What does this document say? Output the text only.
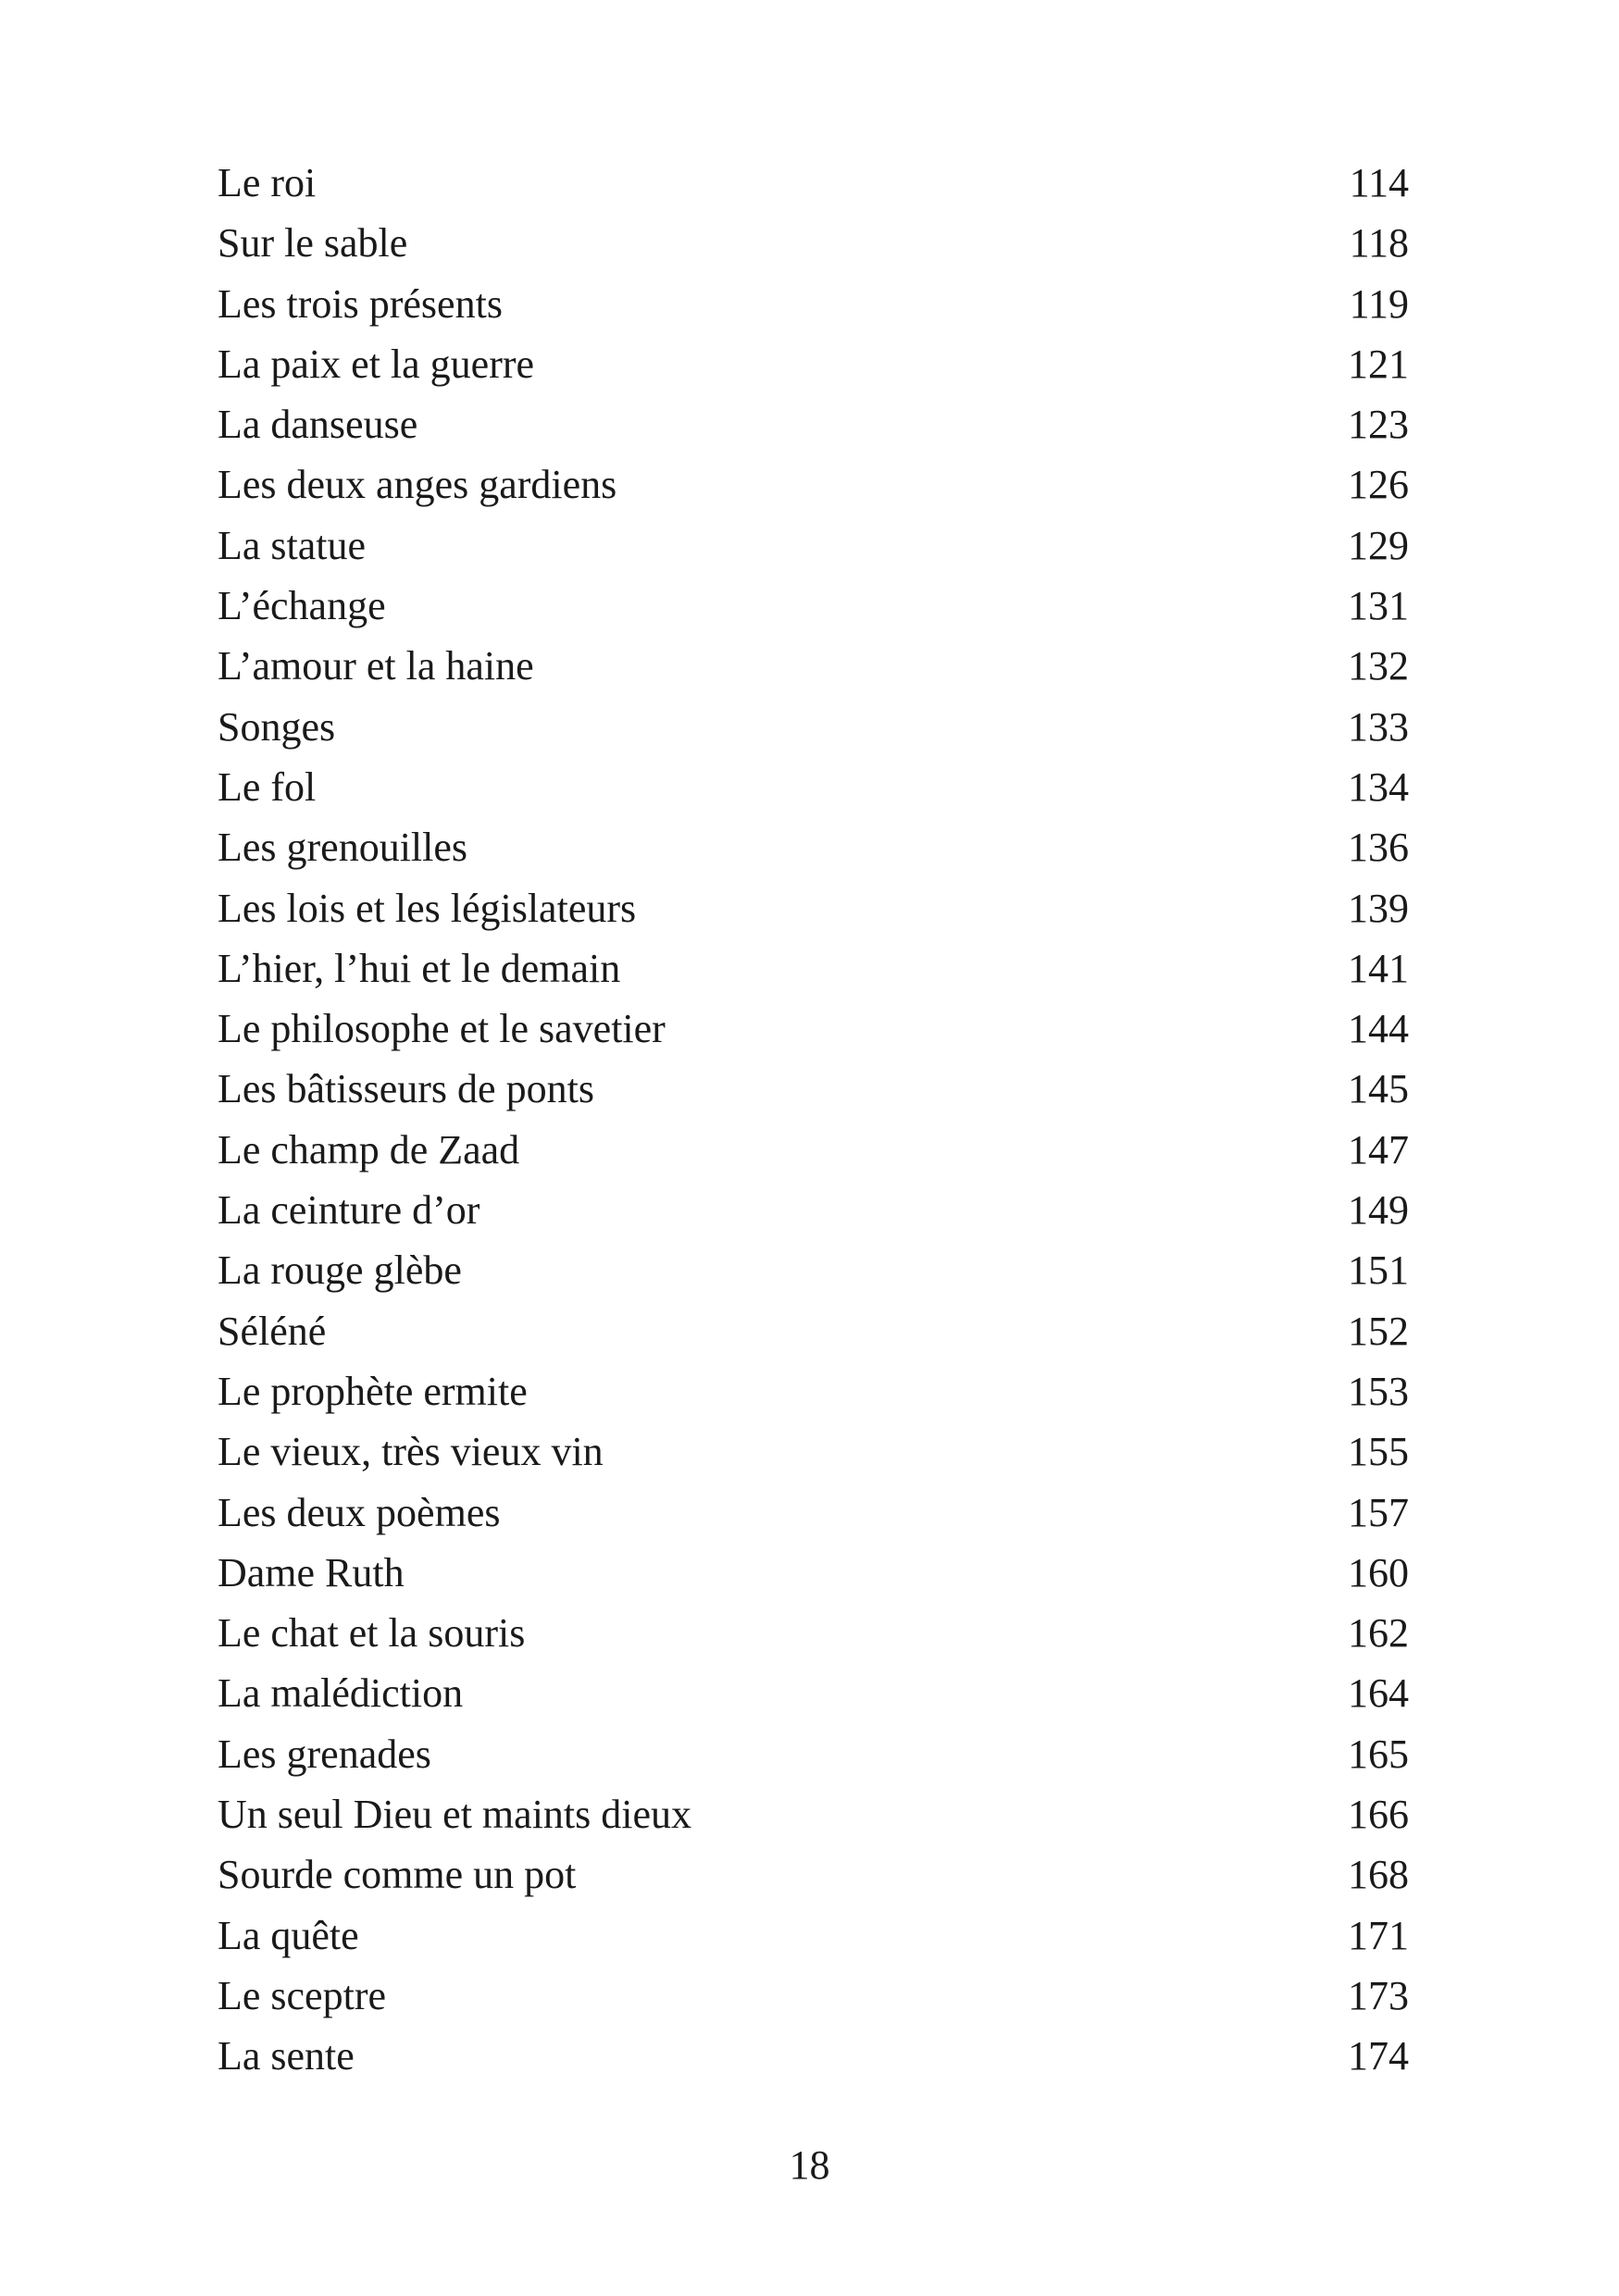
Le roi	114
Sur le sable	118
Les trois présents	119
La paix et la guerre	121
La danseuse	123
Les deux anges gardiens	126
La statue	129
L’échange	131
L’amour et la haine	132
Songes	133
Le fol	134
Les grenouilles	136
Les lois et les législateurs	139
L’hier, l’hui et le demain	141
Le philosophe et le savetier	144
Les bâtisseurs de ponts	145
Le champ de Zaad	147
La ceinture d’or	149
La rouge glèbe	151
Séléné	152
Le prophète ermite	153
Le vieux, très vieux vin	155
Les deux poèmes	157
Dame Ruth	160
Le chat et la souris	162
La malédiction	164
Les grenades	165
Un seul Dieu et maints dieux	166
Sourde comme un pot	168
La quête	171
Le sceptre	173
La sente	174
18
